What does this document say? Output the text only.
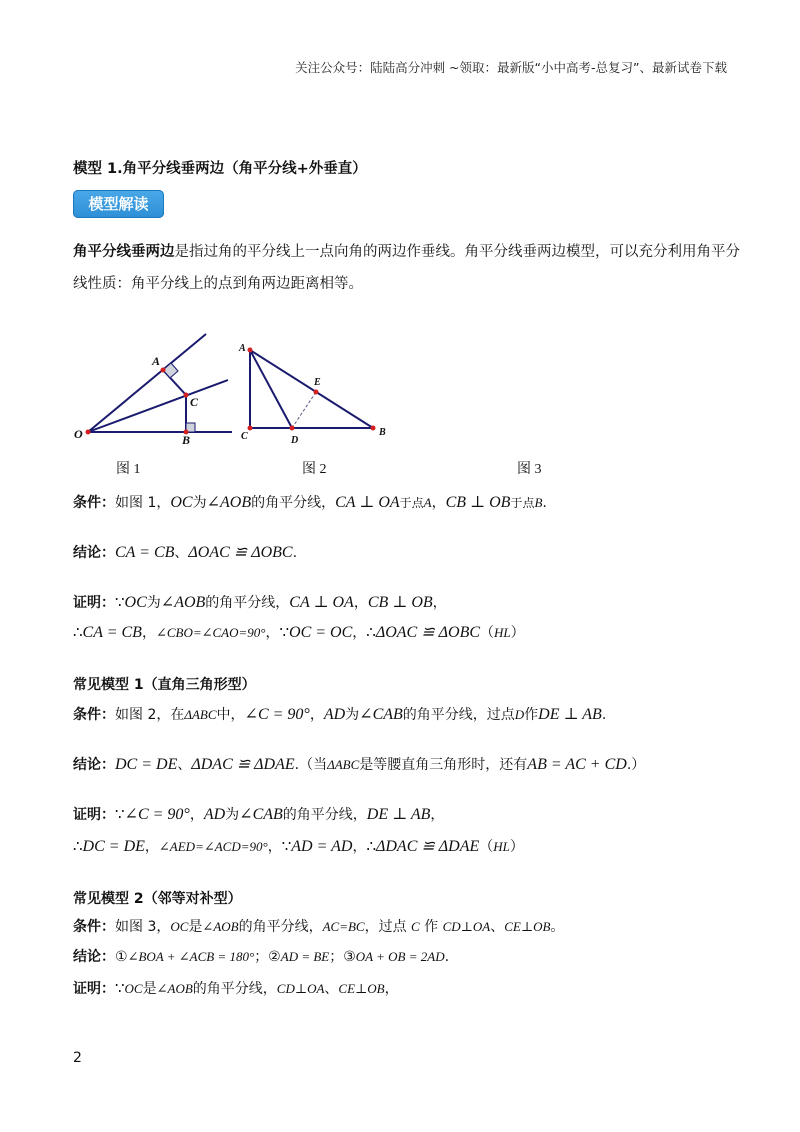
关注公众号：陆陆高分冲刺 ~领取：最新版“小中高考-总复习”、最新试卷下载
模型 1.角平分线垂两边（角平分线+外垂直）
模型解读
角平分线垂两边是指过角的平分线上一点向角的两边作垂线。角平分线垂两边模型，可以充分利用角平分
线性质：角平分线上的点到角两边距离相等。
O
A
C
B
A
E
C	D
B
图 1	图 2	图 3
条件：如图 1，OC为∠AOB的角平分线，CA ⊥ OA于点A，CB ⊥ OB于点B.
结论：CA = CB、ΔOAC ≌ ΔOBC.
证明：∵OC为∠AOB的角平分线，CA ⊥ OA，CB ⊥ OB，
∴CA = CB，∠CBO=∠CAO=90°，∵OC = OC，∴ΔOAC ≌ ΔOBC（HL）
常见模型 1（直角三角形型）
条件：如图 2，在ΔABC中，∠C = 90°，AD为∠CAB的角平分线，过点D作DE ⊥ AB.
结论：DC = DE、ΔDAC ≌ ΔDAE.（当ΔABC是等腰直角三角形时，还有AB = AC + CD.）
证明：∵∠C = 90°，AD为∠CAB的角平分线，DE ⊥ AB，
∴DC = DE，∠AED=∠ACD=90°，∵AD = AD，∴ΔDAC ≌ ΔDAE（HL）
常见模型 2（邻等对补型）
条件：如图 3，OC是∠AOB的角平分线，AC=BC，过点 C 作 CD⊥OA、CE⊥OB。
结论：①∠BOA + ∠ACB = 180°；②AD = BE；③OA + OB = 2AD.
证明：∵OC是∠AOB的角平分线，CD⊥OA、CE⊥OB，
2
